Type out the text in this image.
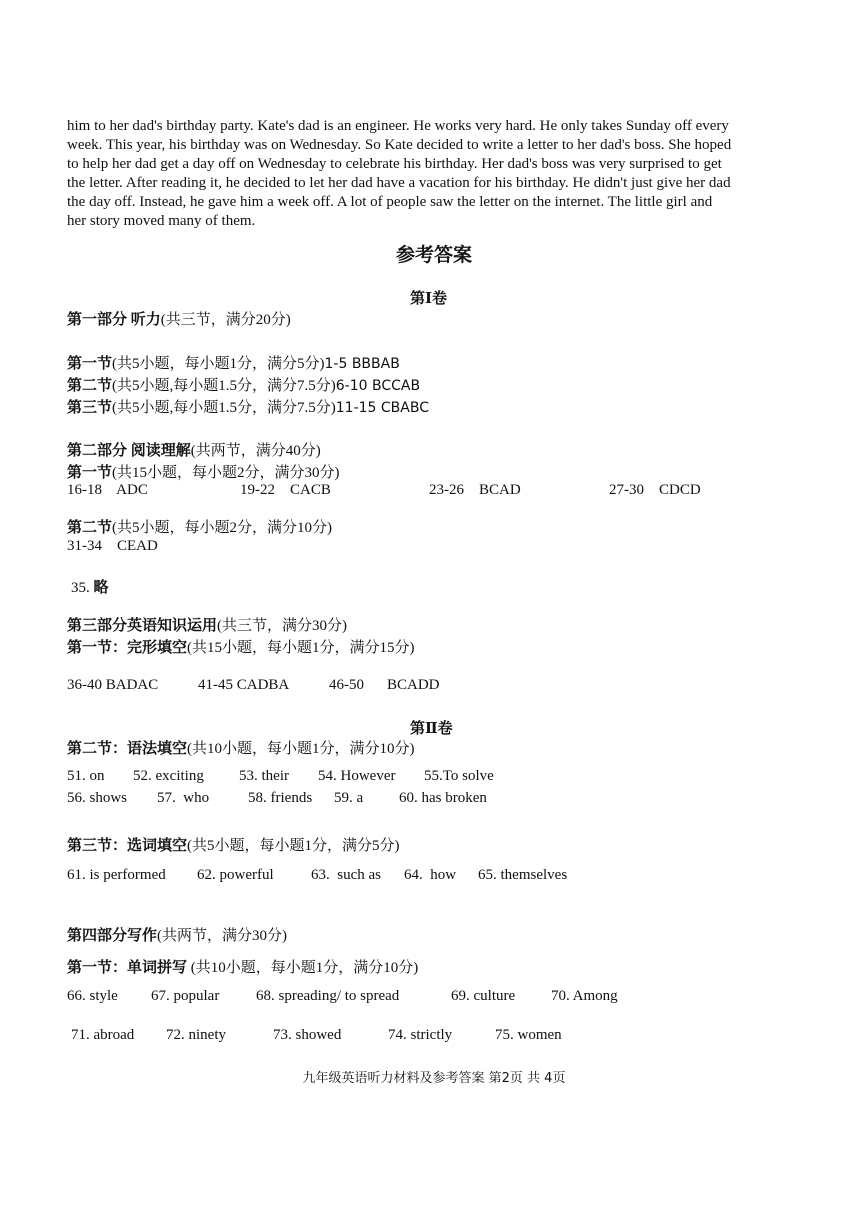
him to her dad's birthday party. Kate's dad is an engineer. He works very hard. He only takes Sunday off every
week. This year, his birthday was on Wednesday. So Kate decided to write a letter to her dad's boss. She hoped
to help her dad get a day off on Wednesday to celebrate his birthday. Her dad's boss was very surprised to get
the letter. After reading it, he decided to let her dad have a vacation for his birthday. He didn't just give her dad
the day off. Instead, he gave him a week off. A lot of people saw the letter on the internet. The little girl and
her story moved many of them.
参考答案
第Ⅰ卷
第一部分 听力(共三节，满分20分)
第一节(共5小题，每小题1分，满分5分)1-5 BBBAB
第二节(共5小题,每小题1.5分，满分7.5分)6-10 BCCAB
第三节(共5小题,每小题1.5分，满分7.5分)11-15 CBABC
第二部分 阅读理解(共两节，满分40分)
第一节(共15小题，每小题2分，满分30分)
16-18    ADC	19-22    CACB	23-26    BCAD	27-30    CDCD
第二节(共5小题，每小题2分，满分10分)
31-34    CEAD
35. 略
第三部分英语知识运用(共三节，满分30分)
第一节：完形填空(共15小题，每小题1分，满分15分)
36-40 BADAC	41-45 CADBA	46-50 BCADD
第Ⅱ卷
第二节：语法填空(共10小题，每小题1分，满分10分)
51. on 52. exciting 53. their 54. However 55.To solve
56. shows 57.  who	58. friends 59. a 60. has broken
第三节：选词填空(共5小题，每小题1分，满分5分)
61. is performed 62. powerful 63.  such as 64.  how 65. themselves
第四部分写作(共两节，满分30分)
第一节：单词拼写 (共10小题，每小题1分，满分10分)
66. style 67. popular 68. spreading/ to spread	69. culture 70. Among
71. abroad 72. ninety	73. showed	74. strictly	75. women
九年级英语听力材料及参考答案 第2页 共 4页
